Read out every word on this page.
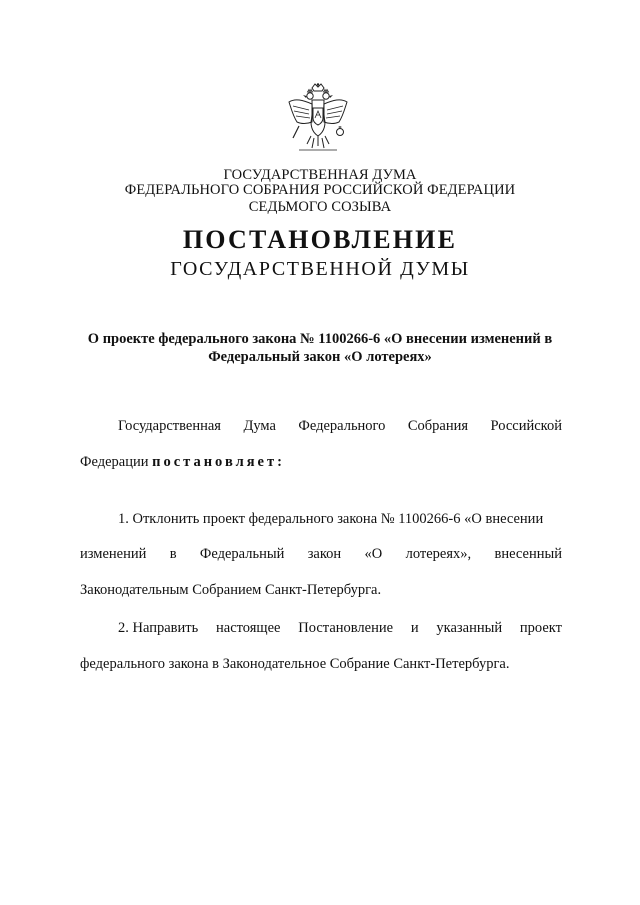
ГОСУДАРСТВЕННАЯ ДУМА
ФЕДЕРАЛЬНОГО СОБРАНИЯ РОССИЙСКОЙ ФЕДЕРАЦИИ
СЕДЬМОГО СОЗЫВА
ПОСТАНОВЛЕНИЕ
ГОСУДАРСТВЕННОЙ ДУМЫ
О проекте федерального закона № 1100266-6 «О внесении изменений в
Федеральный закон «О лотереях»
Государственная Дума Федерального Собрания Российской
Федерации постановляет:
1. Отклонить проект федерального закона № 1100266-6 «О внесении
изменений в Федеральный закон «О лотереях», внесенный
Законодательным Собранием Санкт-Петербурга.
2. Направить настоящее Постановление и указанный проект
федерального закона в Законодательное Собрание Санкт-Петербурга.
